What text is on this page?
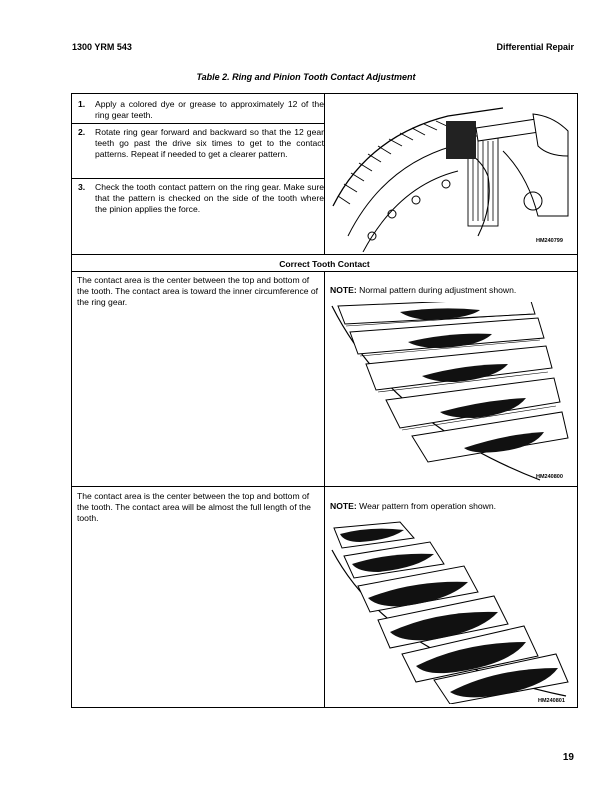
1300 YRM 543	Differential Repair
Table 2. Ring and Pinion Tooth Contact Adjustment
1. Apply a colored dye or grease to approximately 12 of the ring gear teeth.
2. Rotate ring gear forward and backward so that the 12 gear teeth go past the drive six times to get to the contact patterns. Repeat if needed to get a clearer pattern.
3. Check the tooth contact pattern on the ring gear. Make sure that the pattern is checked on the side of the tooth where the pinion applies the force.
HM240799
Correct Tooth Contact
The contact area is the center between the top and bottom of the tooth. The contact area is toward the inner circumference of the ring gear.
NOTE: Normal pattern during adjustment shown.
HM240800
The contact area is the center between the top and bottom of the tooth. The contact area will be almost the full length of the tooth.
NOTE: Wear pattern from operation shown.
HM240801
19
